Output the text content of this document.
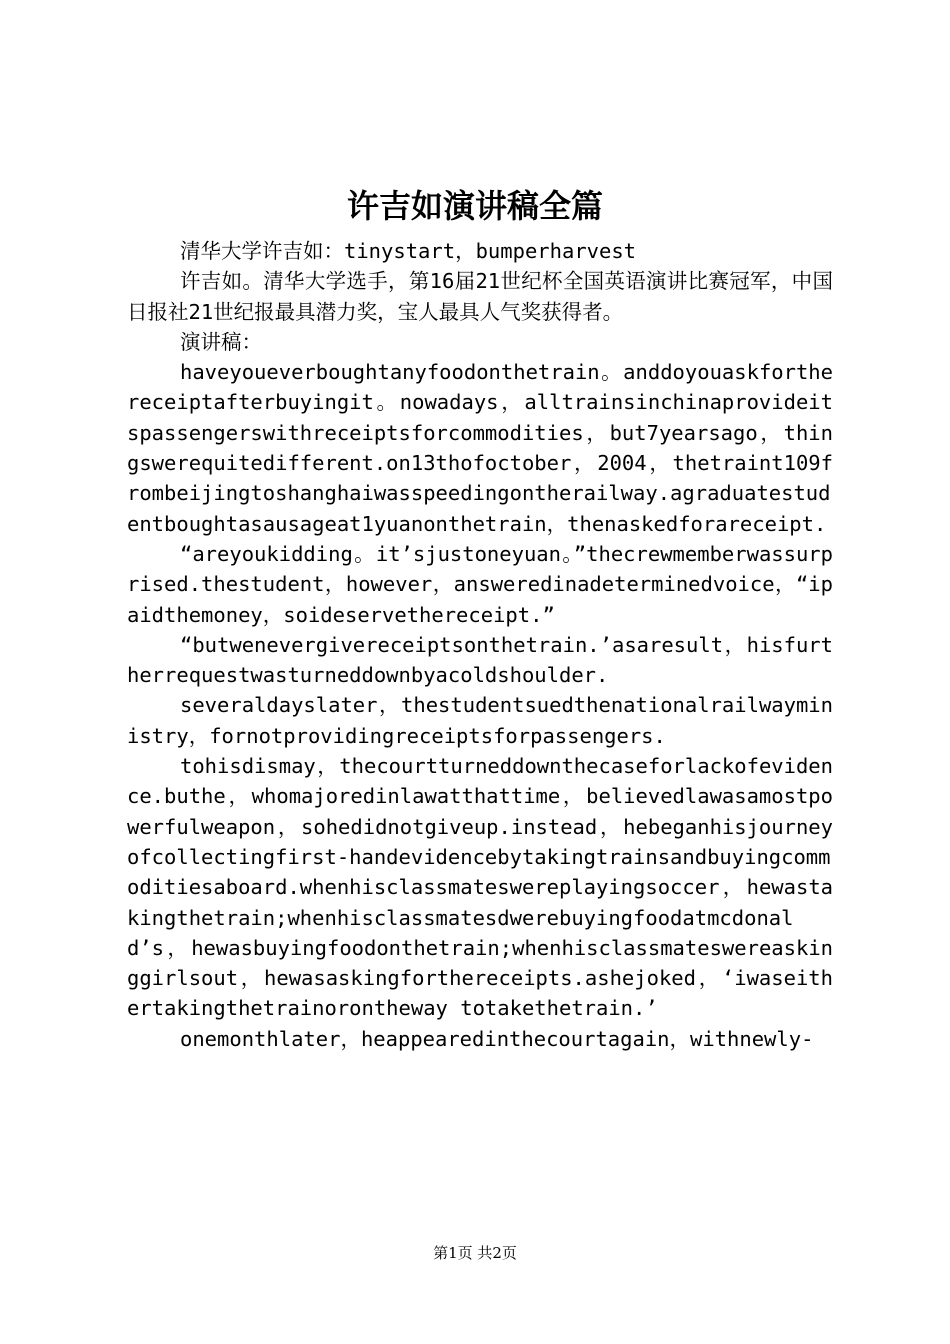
许吉如演讲稿全篇

清华大学许吉如：tinystart，bumperharvest

许吉如。清华大学选手，第16届21世纪杯全国英语演讲比赛冠军，中国日报社21世纪报最具潜力奖，宝人最具人气奖获得者。

演讲稿：

haveyoueverboughtanyfoodonthetrain。anddoyouaskforthereceiptafterbuyingit。nowadays，alltrainsinchinaprovideitspassengerswithreceiptsforcommodities，but7yearsago，thingswerequitedifferent.on13thofoctober，2004，thetraint109frombeijingtoshanghaiwasspeedingontherailway.agraduatestudentboughtasausageat1yuanonthetrain，thenaskedforareceipt.

“areyoukidding。it’sjustoneyuan。”thecrewmemberwassurprised.thestudent，however，answeredinadeterminedvoice，“ipaidthemoney，soideservethereceipt.”

“butwenevergivereceiptsonthetrain.’asaresult，hisfurtherrequestwasturneddownbyacoldshoulder.

severaldayslater，thestudentsuedthenationalrailwayministry，fornotprovidingreceiptsforpassengers.

tohisdismay，thecourtturneddownthecaseforlackofevidence.buthe，whomajoredinlawatthattime，believedlawasamostpowerfulweapon，sohedidnotgiveup.instead，hebeganhisjourneyofcollectingfirst-handevidencebytakingtrainsandbuyingcommoditiesaboard.whenhisclassmateswereplayingsoccer，hewastakingthetrain;whenhisclassmatesdwerebuyingfoodatmcdonald’s，hewasbuyingfoodonthetrain;whenhisclassmateswereaskinggirlsout，hewasaskingforthereceipts.ashejoked，‘iwaseithertakingthetrainorontheway totakethetrain.’

onemonthlater，heappearedinthecourtagain，withnewly-

第1页 共2页
